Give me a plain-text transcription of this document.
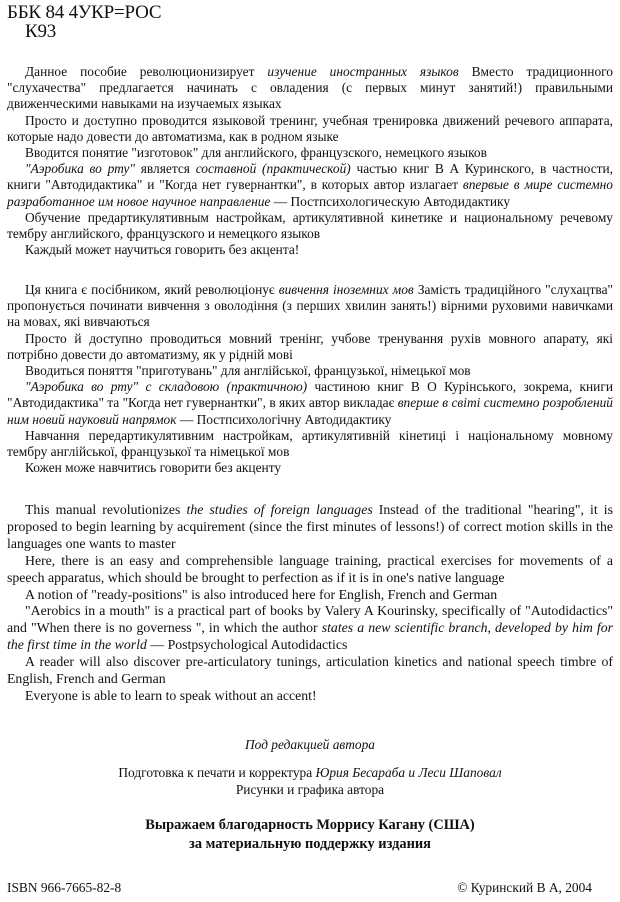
ББК 84 4УКР=РОС
К93

Данное пособие революционизирует изучение иностранных языков Вместо традиционного "слухачества" предлагается начинать с овладения (с первых минут занятий!) правильными движенческими навыками на изучаемых языках

Просто и доступно проводится языковой тренинг, учебная тренировка движений речевого аппарата, которые надо довести до автоматизма, как в родном языке

Вводится понятие "изготовок" для английского, французского, немецкого языков

"Аэробика во рту" является составной (практической) частью книг В А Куринского, в частности, книги "Автодидактика" и "Когда нет гувернантки", в которых автор излагает впервые в мире системно разработанное им новое научное направление — Постпсихологическую Автодидактику

Обучение предартикулятивным настройкам, артикулятивной кинетике и национальному речевому тембру английского, французского и немецкого языков

Каждый может научиться говорить без акцента!

Ця книга є посібником, який революціонує вивчення іноземних мов Замість традиційного "слухацтва" пропонується починати вивчення з оволодіння (з перших хвилин занять!) вірними руховими навичками на мовах, які вивчаються

Просто й доступно проводиться мовний тренінг, учбове тренування рухів мовного апарату, які потрібно довести до автоматизму, як у рідній мові

Вводиться поняття "приготувань" для англійської, французької, німецької мов

"Аэробика во рту" с складовою (практичною) частиною книг В О Курінського, зокрема, книги "Автодидактика" та "Когда нет гувернантки", в яких автор викладає вперше в світі системно розроблений ним новий науковий напрямок — Постпсихологічну Автодидактику

Навчання передартикулятивним настройкам, артикулятивній кінетиці і національному мовному тембру англійської, французької та німецької мов

Кожен може навчитись говорити без акценту

This manual revolutionizes the studies of foreign languages Instead of the traditional "hearing", it is proposed to begin learning by acquirement (since the first minutes of lessons!) of correct motion skills in the languages one wants to master

Here, there is an easy and comprehensible language training, practical exercises for movements of a speech apparatus, which should be brought to perfection as if it is in one's native language

A notion of "ready-positions" is also introduced here for English, French and German

"Aerobics in a mouth" is a practical part of books by Valery A Kourinsky, specifically of "Autodidactics" and "When there is no governess ", in which the author states a new scientific branch, developed by him for the first time in the world — Postpsychological Autodidactics

A reader will also discover pre-articulatory tunings, articulation kinetics and national speech timbre of English, French and German

Everyone is able to learn to speak without an accent!

Под редакцией автора
Подготовка к печати и корректура Юрия Бесараба и Леси Шаповал
Рисунки и графика автора
Выражаем благодарность Моррису Кагану (США)
за материальную поддержку издания
ISBN 966-7665-82-8	© Куринский В А, 2004
